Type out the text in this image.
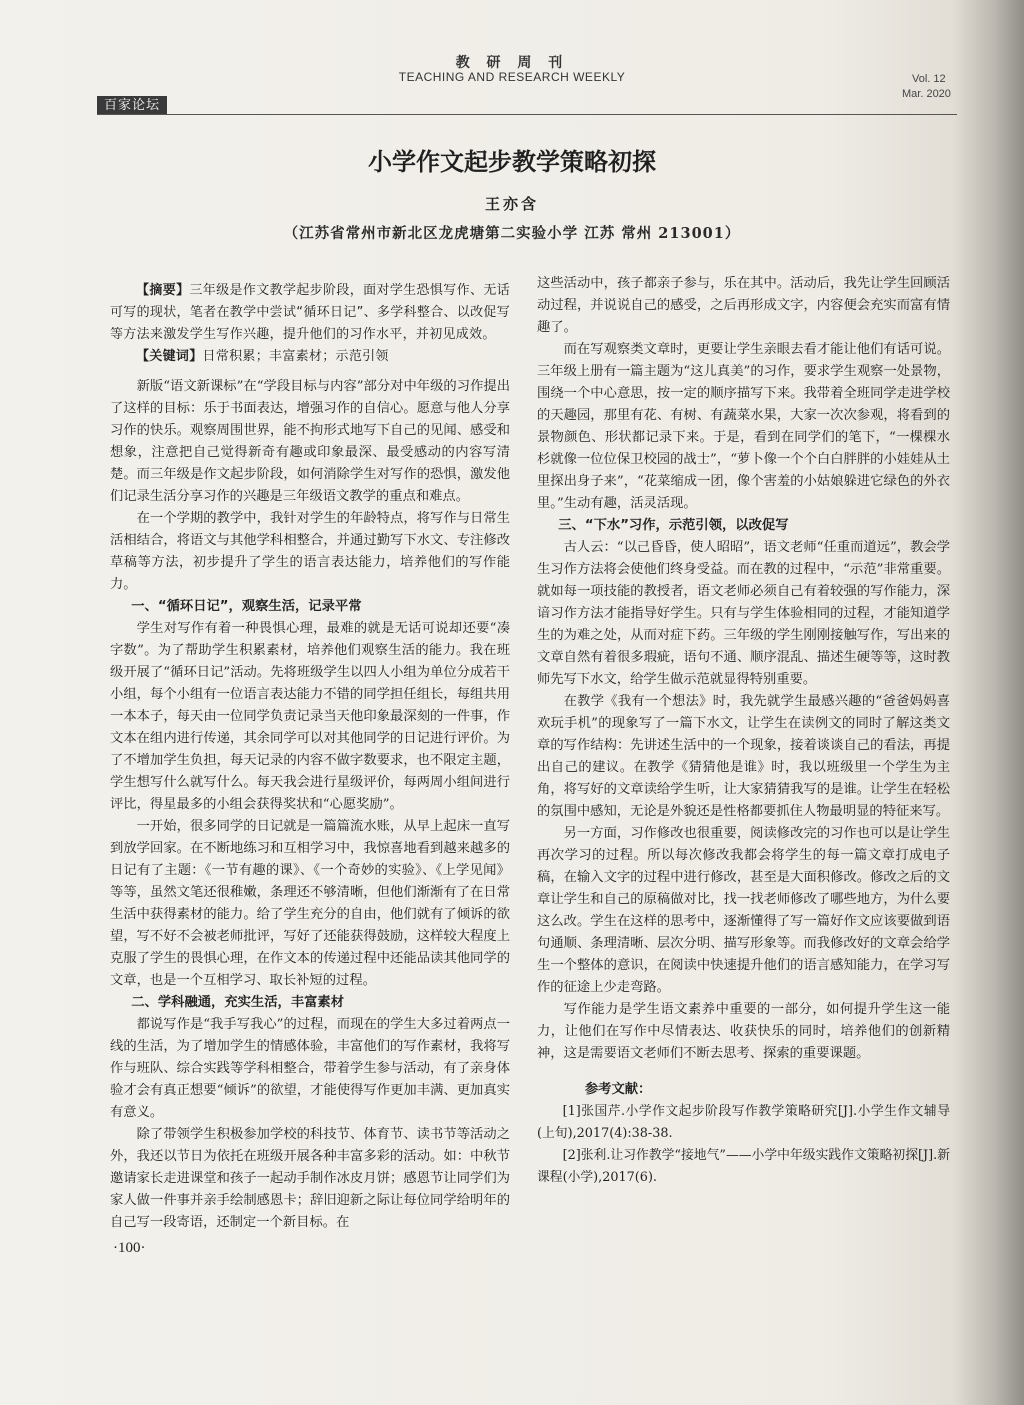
教 研 周 刊
TEACHING AND RESEARCH WEEKLY	Vol. 12
Mar. 2020
百家论坛
小学作文起步教学策略初探
王亦含
（江苏省常州市新北区龙虎塘第二实验小学 江苏 常州 213001）

【摘要】三年级是作文教学起步阶段，面对学生恐惧写作、无话可写的现状，笔者在教学中尝试“循环日记”、多学科整合、以改促写等方法来激发学生写作兴趣，提升他们的习作水平，并初见成效。

【关键词】日常积累；丰富素材；示范引领

新版“语文新课标”在“学段目标与内容”部分对中年级的习作提出了这样的目标：乐于书面表达，增强习作的自信心。愿意与他人分享习作的快乐。观察周围世界，能不拘形式地写下自己的见闻、感受和想象，注意把自己觉得新奇有趣或印象最深、最受感动的内容写清楚。而三年级是作文起步阶段，如何消除学生对写作的恐惧，激发他们记录生活分享习作的兴趣是三年级语文教学的重点和难点。

在一个学期的教学中，我针对学生的年龄特点，将写作与日常生活相结合，将语文与其他学科相整合，并通过勤写下水文、专注修改草稿等方法，初步提升了学生的语言表达能力，培养他们的写作能力。

一、“循环日记”，观察生活，记录平常

学生对写作有着一种畏惧心理，最难的就是无话可说却还要“凑字数”。为了帮助学生积累素材，培养他们观察生活的能力。我在班级开展了“循环日记”活动。先将班级学生以四人小组为单位分成若干小组，每个小组有一位语言表达能力不错的同学担任组长，每组共用一本本子，每天由一位同学负责记录当天他印象最深刻的一件事，作文本在组内进行传递，其余同学可以对其他同学的日记进行评价。为了不增加学生负担，每天记录的内容不做字数要求，也不限定主题，学生想写什么就写什么。每天我会进行星级评价，每两周小组间进行评比，得星最多的小组会获得奖状和“心愿奖励”。

一开始，很多同学的日记就是一篇篇流水账，从早上起床一直写到放学回家。在不断地练习和互相学习中，我惊喜地看到越来越多的日记有了主题：《一节有趣的课》、《一个奇妙的实验》、《上学见闻》等等，虽然文笔还很稚嫩，条理还不够清晰，但他们渐渐有了在日常生活中获得素材的能力。给了学生充分的自由，他们就有了倾诉的欲望，写不好不会被老师批评，写好了还能获得鼓励，这样较大程度上克服了学生的畏惧心理，在作文本的传递过程中还能品读其他同学的文章，也是一个互相学习、取长补短的过程。

二、学科融通，充实生活，丰富素材

都说写作是“我手写我心”的过程，而现在的学生大多过着两点一线的生活，为了增加学生的情感体验，丰富他们的写作素材，我将写作与班队、综合实践等学科相整合，带着学生参与活动，有了亲身体验才会有真正想要“倾诉”的欲望，才能使得写作更加丰满、更加真实有意义。

除了带领学生积极参加学校的科技节、体育节、读书节等活动之外，我还以节日为依托在班级开展各种丰富多彩的活动。如：中秋节邀请家长走进课堂和孩子一起动手制作冰皮月饼；感恩节让同学们为家人做一件事并亲手绘制感恩卡；辞旧迎新之际让每位同学给明年的自己写一段寄语，还制定一个新目标。在

这些活动中，孩子都亲子参与，乐在其中。活动后，我先让学生回顾活动过程，并说说自己的感受，之后再形成文字，内容便会充实而富有情趣了。

而在写观察类文章时，更要让学生亲眼去看才能让他们有话可说。三年级上册有一篇主题为“这儿真美”的习作，要求学生观察一处景物，围绕一个中心意思，按一定的顺序描写下来。我带着全班同学走进学校的天趣园，那里有花、有树、有蔬菜水果，大家一次次参观，将看到的景物颜色、形状都记录下来。于是，看到在同学们的笔下，“一棵棵水杉就像一位位保卫校园的战士”，“萝卜像一个个白白胖胖的小娃娃从土里探出身子来”，“花菜缩成一团，像个害羞的小姑娘躲进它绿色的外衣里。”生动有趣，活灵活现。

三、“下水”习作，示范引领，以改促写

古人云：“以己昏昏，使人昭昭”，语文老师“任重而道远”，教会学生习作方法将会使他们终身受益。而在教的过程中，“示范”非常重要。就如每一项技能的教授者，语文老师必须自己有着较强的写作能力，深谙习作方法才能指导好学生。只有与学生体验相同的过程，才能知道学生的为难之处，从而对症下药。三年级的学生刚刚接触写作，写出来的文章自然有着很多瑕疵，语句不通、顺序混乱、描述生硬等等，这时教师先写下水文，给学生做示范就显得特别重要。

在教学《我有一个想法》时，我先就学生最感兴趣的“爸爸妈妈喜欢玩手机”的现象写了一篇下水文，让学生在读例文的同时了解这类文章的写作结构：先讲述生活中的一个现象，接着谈谈自己的看法，再提出自己的建议。在教学《猜猜他是谁》时，我以班级里一个学生为主角，将写好的文章读给学生听，让大家猜猜我写的是谁。让学生在轻松的氛围中感知，无论是外貌还是性格都要抓住人物最明显的特征来写。

另一方面，习作修改也很重要，阅读修改完的习作也可以是让学生再次学习的过程。所以每次修改我都会将学生的每一篇文章打成电子稿，在输入文字的过程中进行修改，甚至是大面积修改。修改之后的文章让学生和自己的原稿做对比，找一找老师修改了哪些地方，为什么要这么改。学生在这样的思考中，逐渐懂得了写一篇好作文应该要做到语句通顺、条理清晰、层次分明、描写形象等。而我修改好的文章会给学生一个整体的意识，在阅读中快速提升他们的语言感知能力，在学习写作的征途上少走弯路。

写作能力是学生语文素养中重要的一部分，如何提升学生这一能力，让他们在写作中尽情表达、收获快乐的同时，培养他们的创新精神，这是需要语文老师们不断去思考、探索的重要课题。

参考文献：

[1]张国芹.小学作文起步阶段写作教学策略研究[J].小学生作文辅导(上旬),2017(4):38-38.

[2]张利.让习作教学“接地气”——小学中年级实践作文策略初探[J].新课程(小学),2017(6).

·100·
